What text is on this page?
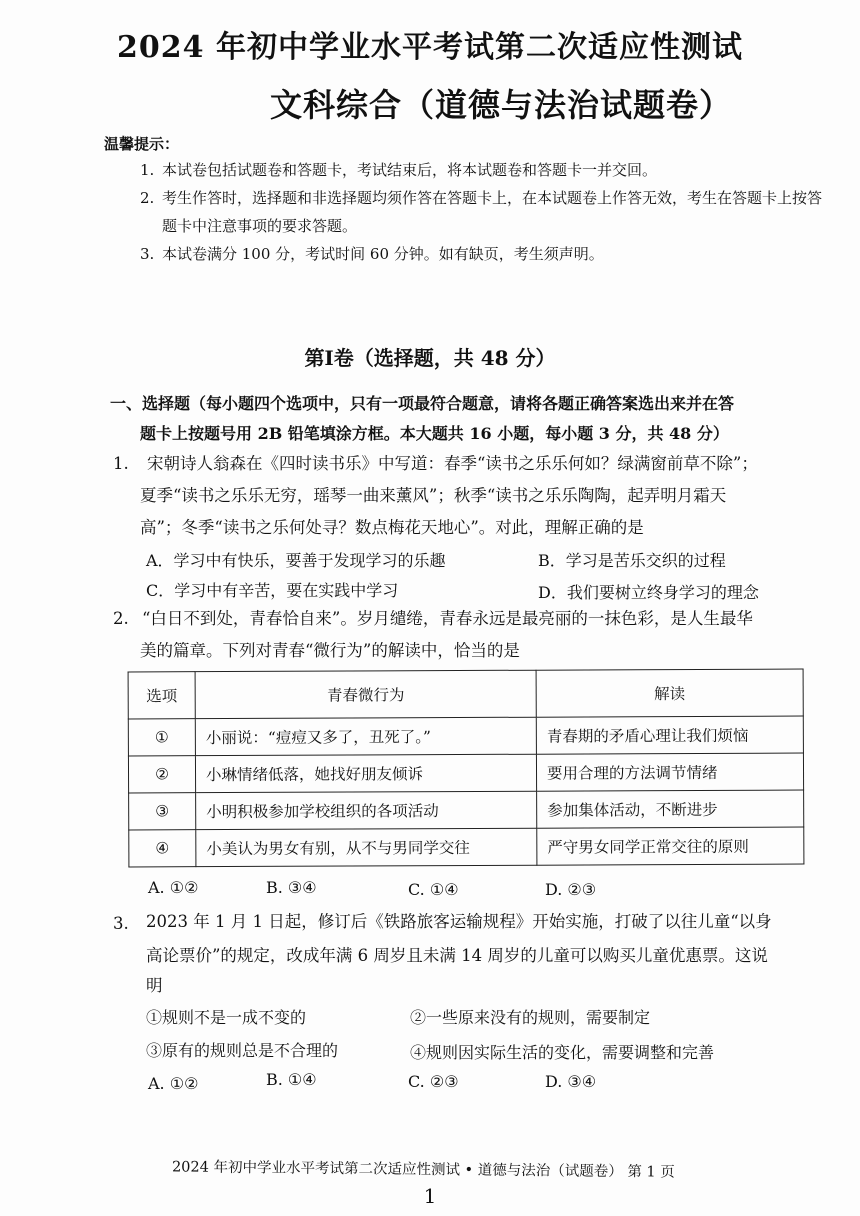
2024 年初中学业水平考试第二次适应性测试
文科综合（道德与法治试题卷）
温馨提示：
1. 本试卷包括试题卷和答题卡，考试结束后，将本试题卷和答题卡一并交回。
2. 考生作答时，选择题和非选择题均须作答在答题卡上，在本试题卷上作答无效，考生在答题卡上按答题卡中注意事项的要求答题。
3. 本试卷满分 100 分，考试时间 60 分钟。如有缺页，考生须声明。
第Ⅰ卷（选择题，共 48 分）
一、选择题（每小题四个选项中，只有一项最符合题意，请将各题正确答案选出来并在答
题卡上按题号用 2B 铅笔填涂方框。本大题共 16 小题，每小题 3 分，共 48 分）
1. 宋朝诗人翁森在《四时读书乐》中写道：春季“读书之乐乐何如？绿满窗前草不除”；
夏季“读书之乐乐无穷，瑶琴一曲来薰风”；秋季“读书之乐乐陶陶，起弄明月霜天
高”；冬季“读书之乐何处寻？数点梅花天地心”。对此，理解正确的是
A．学习中有快乐，要善于发现学习的乐趣	B．学习是苦乐交织的过程
C．学习中有辛苦，要在实践中学习	D．我们要树立终身学习的理念
2. “白日不到处，青春恰自来”。岁月缱绻，青春永远是最亮丽的一抹色彩，是人生最华
美的篇章。下列对青春“微行为”的解读中，恰当的是
选项	青春微行为	解读
①	小丽说：“痘痘又多了，丑死了。”	青春期的矛盾心理让我们烦恼
②	小琳情绪低落，她找好朋友倾诉	要用合理的方法调节情绪
③	小明积极参加学校组织的各项活动	参加集体活动，不断进步
④	小美认为男女有别，从不与男同学交往	严守男女同学正常交往的原则
A. ①②	B. ③④	C. ①④	D. ②③
3. 2023 年 1 月 1 日起，修订后《铁路旅客运输规程》开始实施，打破了以往儿童“以身
高论票价”的规定，改成年满 6 周岁且未满 14 周岁的儿童可以购买儿童优惠票。这说
明
①规则不是一成不变的	②一些原来没有的规则，需要制定
③原有的规则总是不合理的	④规则因实际生活的变化，需要调整和完善
A. ①②	B. ①④	C. ②③	D. ③④
2024 年初中学业水平考试第二次适应性测试 • 道德与法治（试题卷） 第 1 页
1
